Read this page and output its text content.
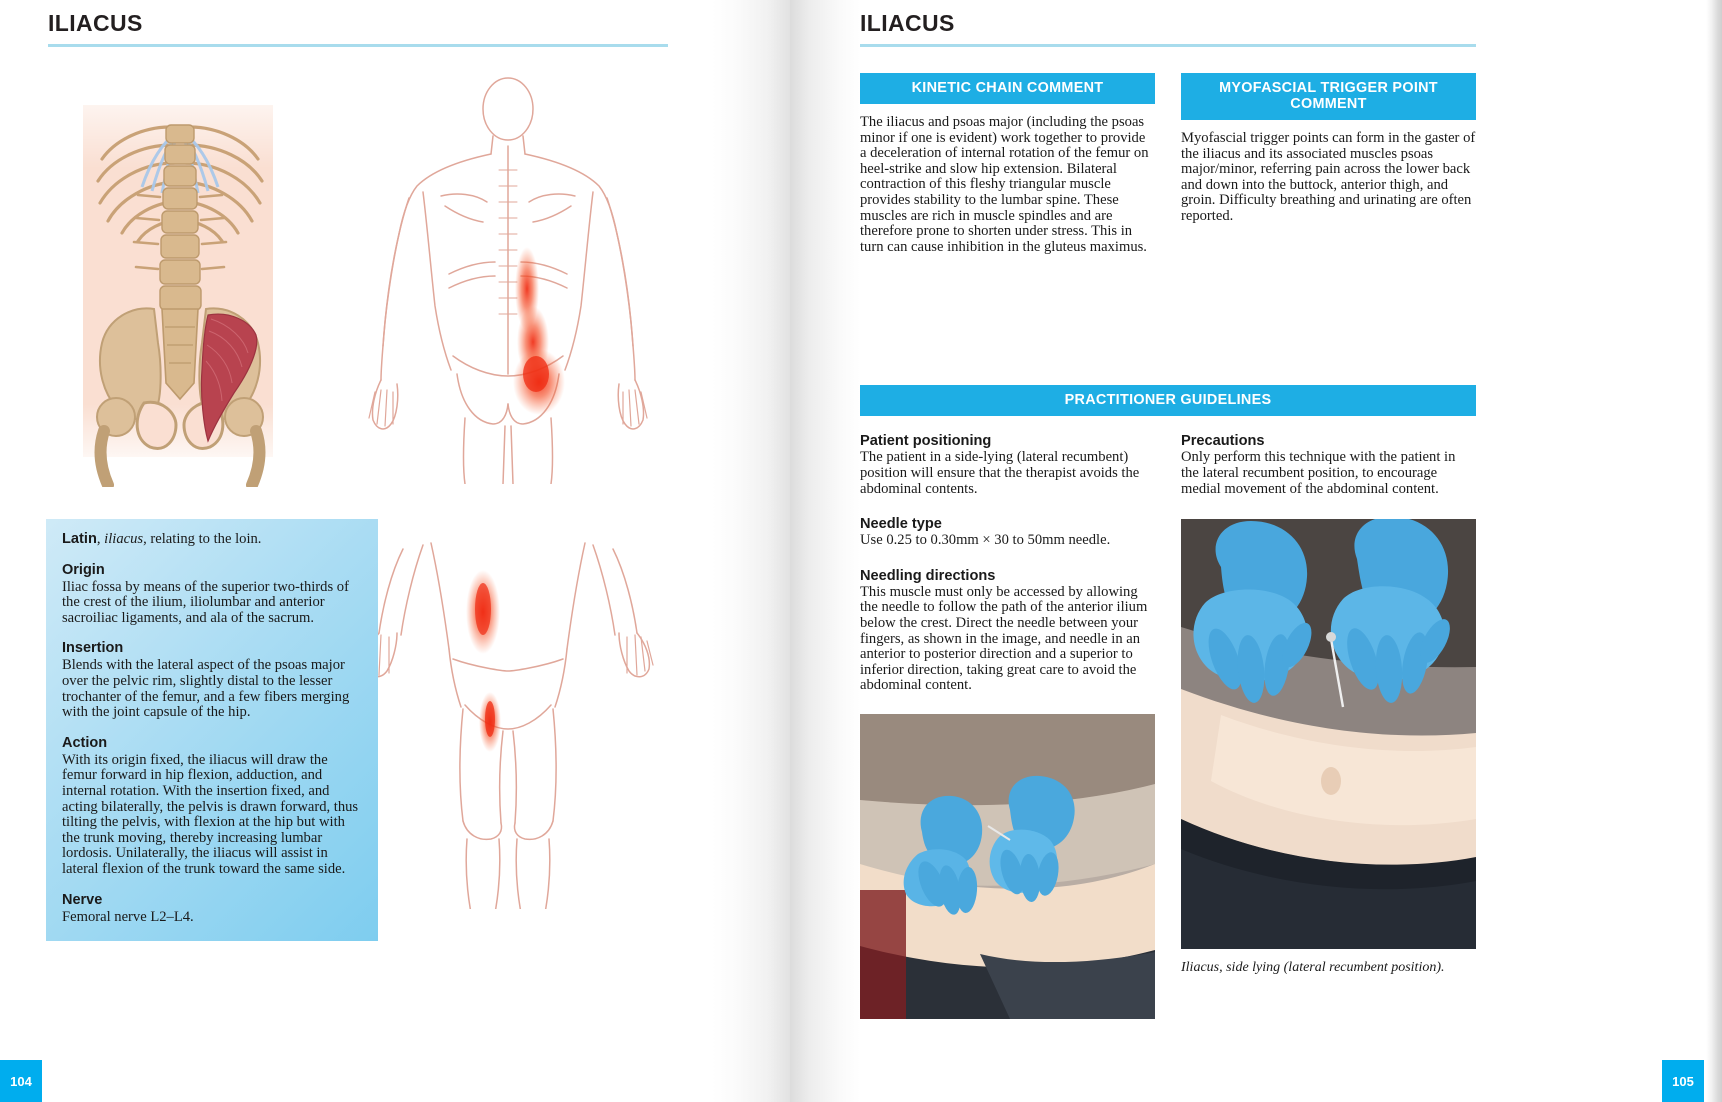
ILIACUS

Latin, iliacus, relating to the loin.

Origin

Iliac fossa by means of the superior two-thirds of the crest of the ilium, iliolumbar and anterior sacroiliac ligaments, and ala of the sacrum.

Insertion

Blends with the lateral aspect of the psoas major over the pelvic rim, slightly distal to the lesser trochanter of the femur, and a few fibers merging with the joint capsule of the hip.

Action

With its origin fixed, the iliacus will draw the femur forward in hip flexion, adduction, and internal rotation. With the insertion fixed, and acting bilaterally, the pelvis is drawn forward, thus tilting the pelvis, with flexion at the hip but with the trunk moving, thereby increasing lumbar lordosis. Unilaterally, the iliacus will assist in lateral flexion of the trunk toward the same side.

Nerve

Femoral nerve L2–L4.

104
ILIACUS
KINETIC CHAIN COMMENT

The iliacus and psoas major (including the psoas minor if one is evident) work together to provide a deceleration of internal rotation of the femur on heel-strike and slow hip extension. Bilateral contraction of this fleshy triangular muscle provides stability to the lumbar spine. These muscles are rich in muscle spindles and are therefore prone to shorten under stress. This in turn can cause inhibition in the gluteus maximus.

MYOFASCIAL TRIGGER POINT COMMENT

Myofascial trigger points can form in the gaster of the iliacus and its associated muscles psoas major/minor, referring pain across the lower back and down into the buttock, anterior thigh, and groin. Difficulty breathing and urinating are often reported.

PRACTITIONER GUIDELINES

Patient positioning

The patient in a side-lying (lateral recumbent) position will ensure that the therapist avoids the abdominal contents.

Needle type

Use 0.25 to 0.30mm × 30 to 50mm needle.

Needling directions

This muscle must only be accessed by allowing the needle to follow the path of the anterior ilium below the crest. Direct the needle between your fingers, as shown in the image, and needle in an anterior to posterior direction and a superior to inferior direction, taking great care to avoid the abdominal content.

Precautions

Only perform this technique with the patient in the lateral recumbent position, to encourage medial movement of the abdominal content.

Iliacus, side lying (lateral recumbent position).

105
